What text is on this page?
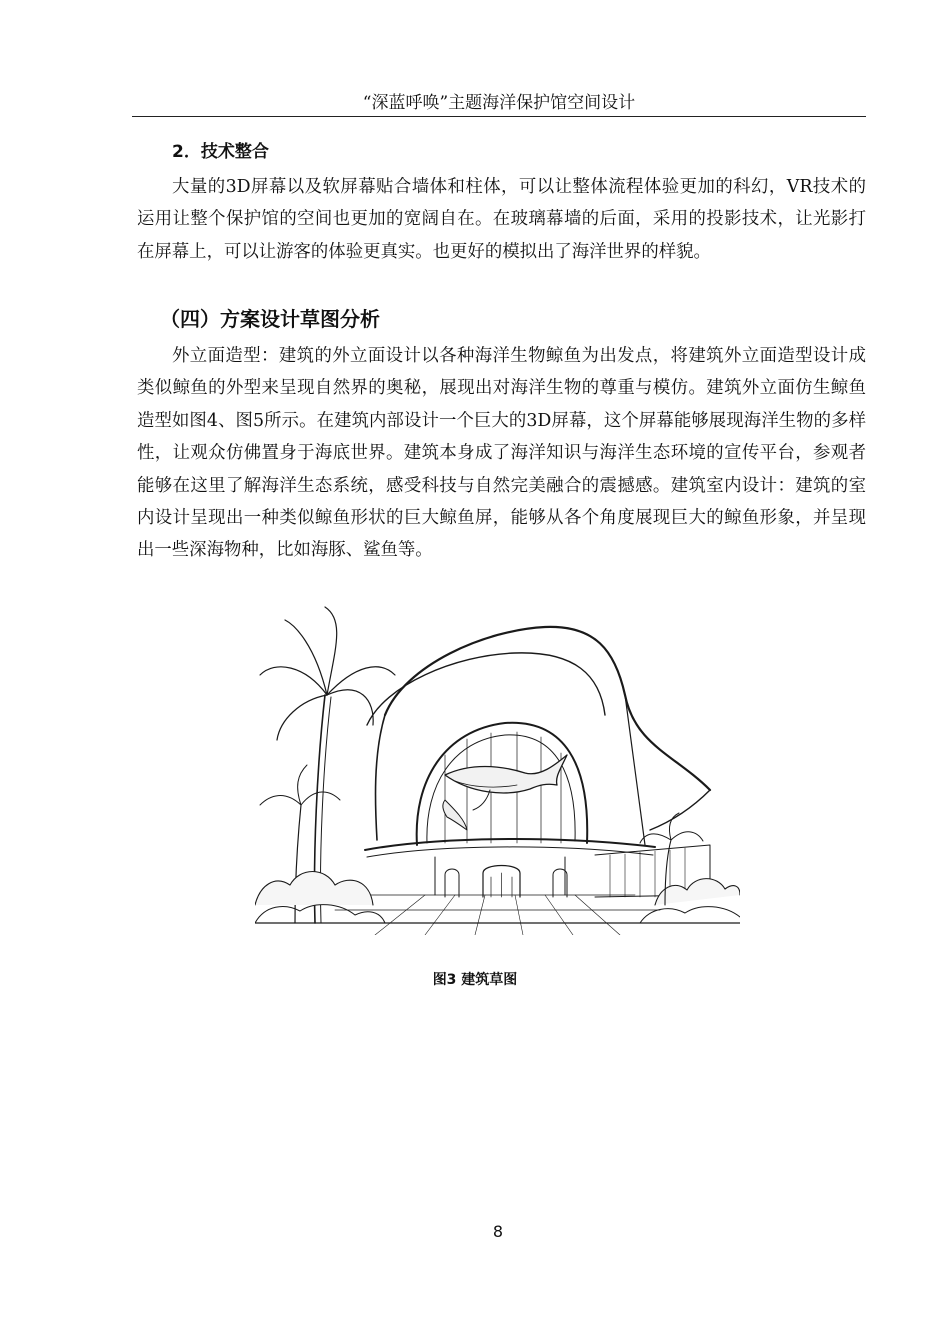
“深蓝呼唤”主题海洋保护馆空间设计
2．技术整合

大量的3D屏幕以及软屏幕贴合墙体和柱体，可以让整体流程体验更加的科幻，VR技术的运用让整个保护馆的空间也更加的宽阔自在。在玻璃幕墙的后面，采用的投影技术，让光影打在屏幕上，可以让游客的体验更真实。也更好的模拟出了海洋世界的样貌。

（四）方案设计草图分析

外立面造型：建筑的外立面设计以各种海洋生物鲸鱼为出发点，将建筑外立面造型设计成类似鲸鱼的外型来呈现自然界的奥秘，展现出对海洋生物的尊重与模仿。建筑外立面仿生鲸鱼造型如图4、图5所示。在建筑内部设计一个巨大的3D屏幕，这个屏幕能够展现海洋生物的多样性，让观众仿佛置身于海底世界。建筑本身成了海洋知识与海洋生态环境的宣传平台，参观者能够在这里了解海洋生态系统，感受科技与自然完美融合的震撼感。建筑室内设计：建筑的室内设计呈现出一种类似鲸鱼形状的巨大鲸鱼屏，能够从各个角度展现巨大的鲸鱼形象，并呈现出一些深海物种，比如海豚、鲨鱼等。

图3 建筑草图
8
